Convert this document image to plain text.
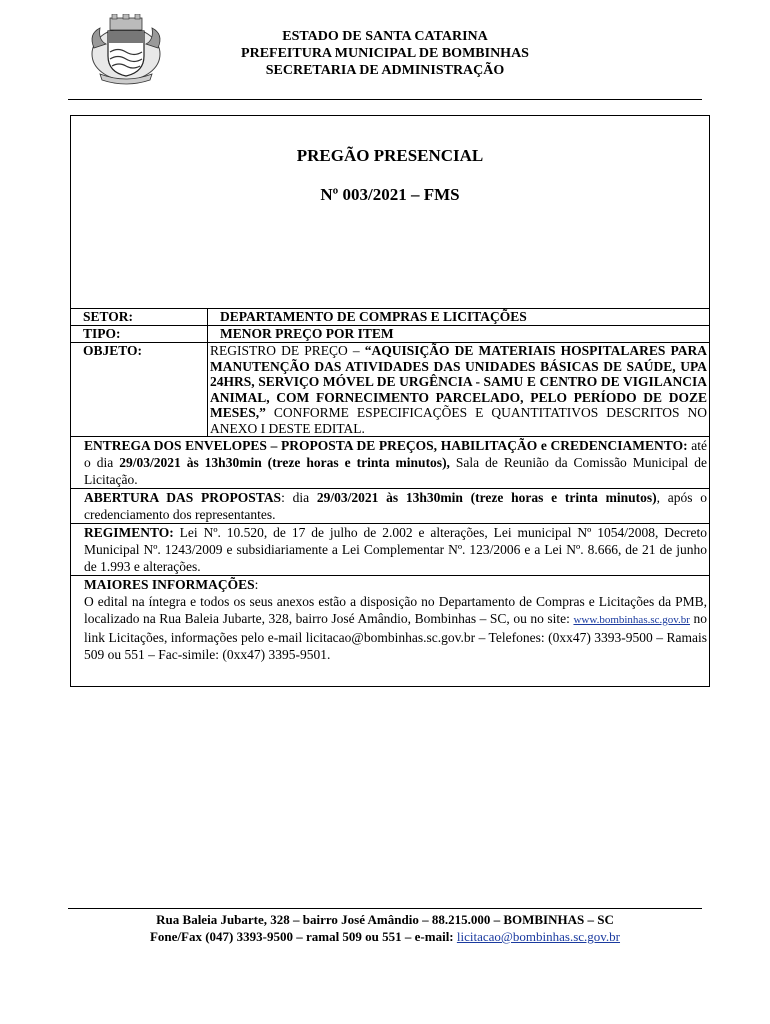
ESTADO DE SANTA CATARINA
PREFEITURA MUNICIPAL DE BOMBINHAS
SECRETARIA DE ADMINISTRAÇÃO
PREGÃO PRESENCIAL
Nº 003/2021 – FMS
SETOR:	DEPARTAMENTO DE COMPRAS E LICITAÇÕES
TIPO:	MENOR PREÇO POR ITEM
OBJETO:	REGISTRO DE PREÇO – “AQUISIÇÃO DE MATERIAIS HOSPITALARES PARA MANUTENÇÃO DAS ATIVIDADES DAS UNIDADES BÁSICAS DE SAÚDE, UPA 24HRS, SERVIÇO MÓVEL DE URGÊNCIA - SAMU E CENTRO DE VIGILANCIA ANIMAL, COM FORNECIMENTO PARCELADO, PELO PERÍODO DE DOZE MESES,” CONFORME ESPECIFICAÇÕES E QUANTITATIVOS DESCRITOS NO ANEXO I DESTE EDITAL.
ENTREGA DOS ENVELOPES – PROPOSTA DE PREÇOS, HABILITAÇÃO e CREDENCIAMENTO: até o dia 29/03/2021 às 13h30min (treze horas e trinta minutos), Sala de Reunião da Comissão Municipal de Licitação.
ABERTURA DAS PROPOSTAS: dia 29/03/2021 às 13h30min (treze horas e trinta minutos), após o credenciamento dos representantes.
REGIMENTO: Lei Nº. 10.520, de 17 de julho de 2.002 e alterações, Lei municipal Nº 1054/2008, Decreto Municipal Nº. 1243/2009 e subsidiariamente a Lei Complementar Nº. 123/2006 e a Lei Nº. 8.666, de 21 de junho de 1.993 e alterações.
MAIORES INFORMAÇÕES:
O edital na íntegra e todos os seus anexos estão a disposição no Departamento de Compras e Licitações da PMB, localizado na Rua Baleia Jubarte, 328, bairro José Amândio, Bombinhas – SC, ou no site: www.bombinhas.sc.gov.br no link Licitações, informações pelo e-mail licitacao@bombinhas.sc.gov.br – Telefones: (0xx47) 3393-9500 – Ramais 509 ou 551 – Fac-simile: (0xx47) 3395-9501.
Rua Baleia Jubarte, 328 – bairro José Amândio – 88.215.000 – BOMBINHAS – SC
Fone/Fax (047) 3393-9500 – ramal 509 ou 551 – e-mail: licitacao@bombinhas.sc.gov.br
